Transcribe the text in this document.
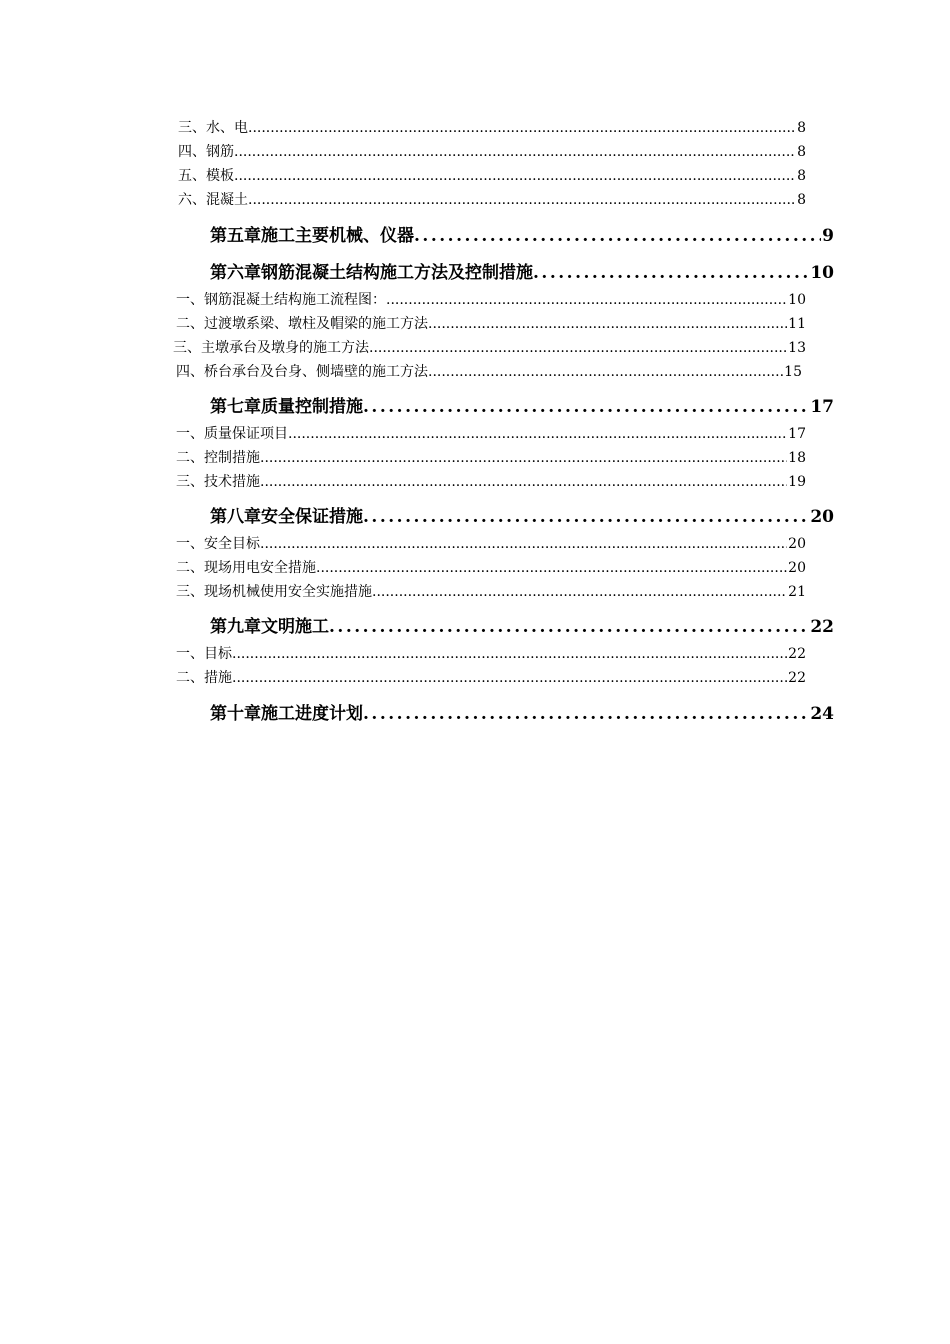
三、水、电 .....	8
四、钢筋 .....	8
五、模板 .....	8
六、混凝土 .....	8
第五章 施工主要机械、仪器 .....	9
第六章 钢筋混凝土结构施工方法及控制措施 .....	10
一、钢筋混凝土结构施工流程图： .....	10
二、过渡墩系梁、墩柱及帽梁的施工方法 .....	11
三、主墩承台及墩身的施工方法 .....	13
四、桥台承台及台身、侧墙壁的施工方法 .....	15
第七章 质量控制措施 .....	17
一、质量保证项目 .....	17
二、控制措施 .....	18
三、技术措施 .....	19
第八章 安全保证措施 .....	20
一、安全目标 .....	20
二、现场用电安全措施 .....	20
三、现场机械使用安全实施措施 .....	21
第九章 文明施工 .....	22
一、目标 .....	22
二、措施 .....	22
第十章 施工进度计划 .....	24
